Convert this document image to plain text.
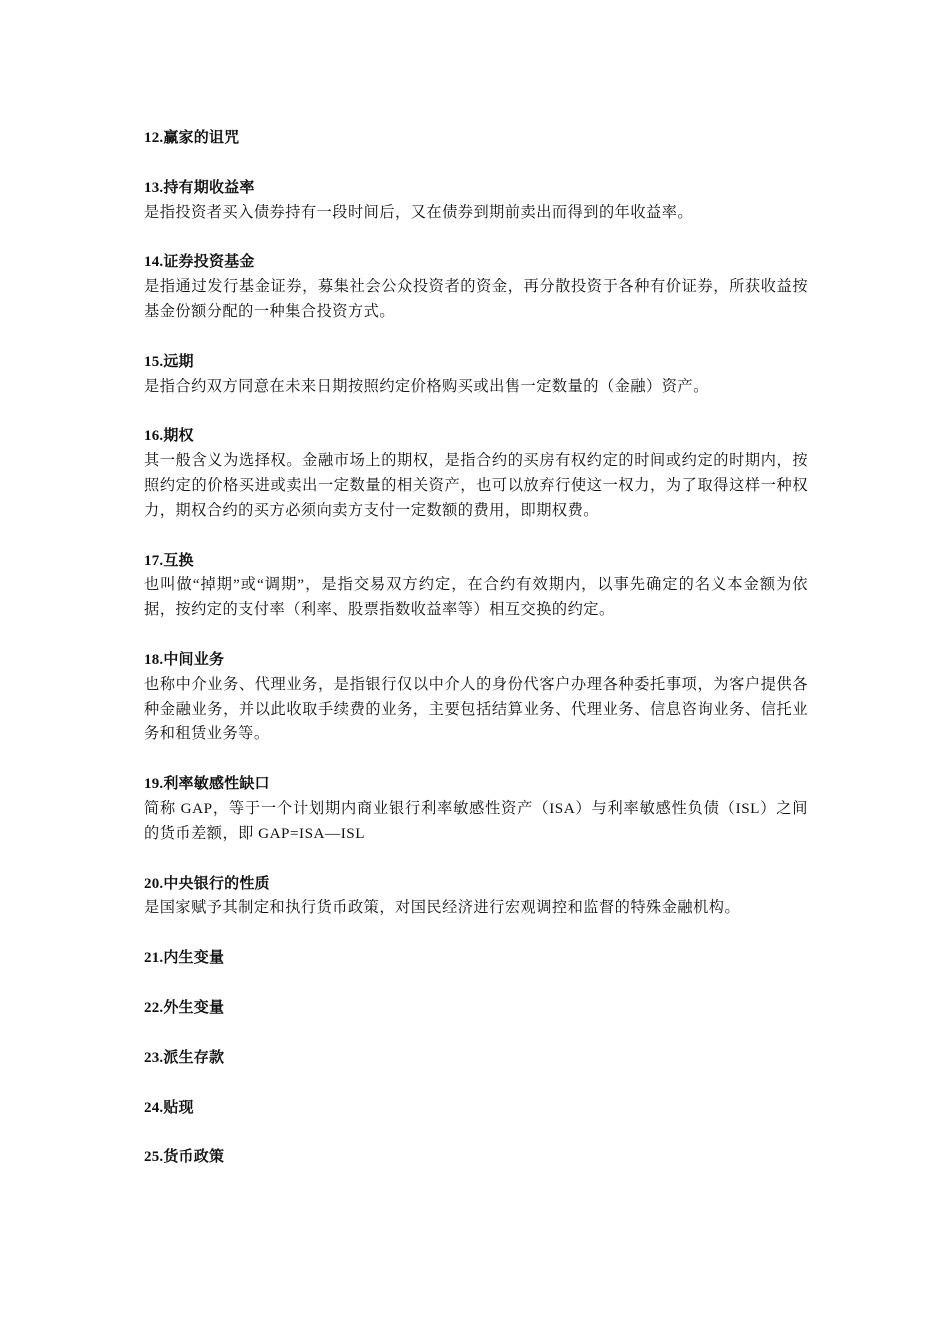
12.赢家的诅咒

13.持有期收益率

是指投资者买入债券持有一段时间后，又在债券到期前卖出而得到的年收益率。

14.证券投资基金

是指通过发行基金证券，募集社会公众投资者的资金，再分散投资于各种有价证券，所获收益按基金份额分配的一种集合投资方式。

15.远期

是指合约双方同意在未来日期按照约定价格购买或出售一定数量的（金融）资产。

16.期权

其一般含义为选择权。金融市场上的期权，是指合约的买房有权约定的时间或约定的时期内，按照约定的价格买进或卖出一定数量的相关资产，也可以放弃行使这一权力，为了取得这样一种权力，期权合约的买方必须向卖方支付一定数额的费用，即期权费。

17.互换

也叫做“掉期”或“调期”，是指交易双方约定，在合约有效期内，以事先确定的名义本金额为依据，按约定的支付率（利率、股票指数收益率等）相互交换的约定。

18.中间业务

也称中介业务、代理业务，是指银行仅以中介人的身份代客户办理各种委托事项，为客户提供各种金融业务，并以此收取手续费的业务，主要包括结算业务、代理业务、信息咨询业务、信托业务和租赁业务等。

19.利率敏感性缺口

简称 GAP，等于一个计划期内商业银行利率敏感性资产（ISA）与利率敏感性负债（ISL）之间的货币差额，即 GAP=ISA—ISL

20.中央银行的性质

是国家赋予其制定和执行货币政策，对国民经济进行宏观调控和监督的特殊金融机构。

21.内生变量

22.外生变量

23.派生存款

24.贴现

25.货币政策
